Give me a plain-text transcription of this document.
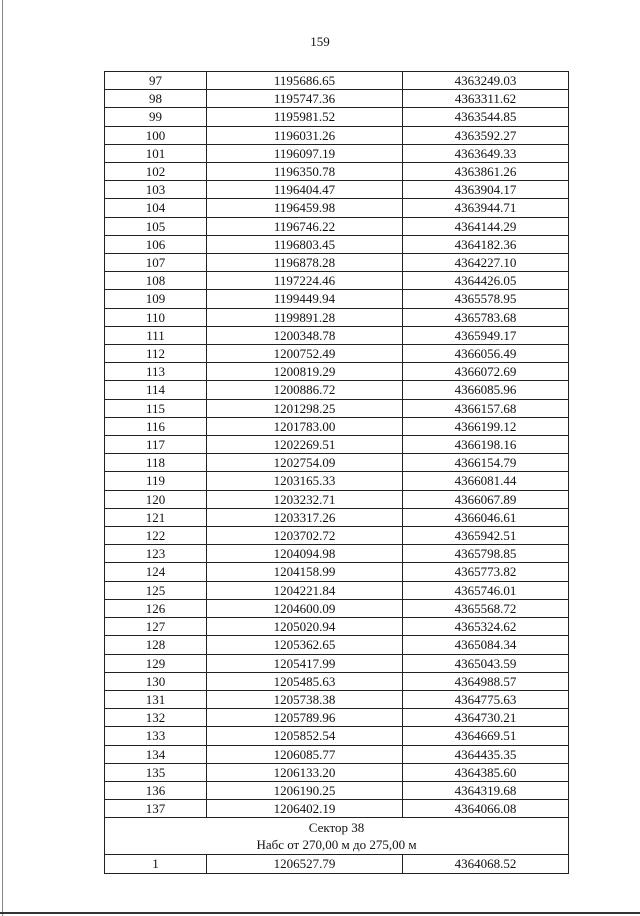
159
97	1195686.65	4363249.03
98	1195747.36	4363311.62
99	1195981.52	4363544.85
100	1196031.26	4363592.27
101	1196097.19	4363649.33
102	1196350.78	4363861.26
103	1196404.47	4363904.17
104	1196459.98	4363944.71
105	1196746.22	4364144.29
106	1196803.45	4364182.36
107	1196878.28	4364227.10
108	1197224.46	4364426.05
109	1199449.94	4365578.95
110	1199891.28	4365783.68
111	1200348.78	4365949.17
112	1200752.49	4366056.49
113	1200819.29	4366072.69
114	1200886.72	4366085.96
115	1201298.25	4366157.68
116	1201783.00	4366199.12
117	1202269.51	4366198.16
118	1202754.09	4366154.79
119	1203165.33	4366081.44
120	1203232.71	4366067.89
121	1203317.26	4366046.61
122	1203702.72	4365942.51
123	1204094.98	4365798.85
124	1204158.99	4365773.82
125	1204221.84	4365746.01
126	1204600.09	4365568.72
127	1205020.94	4365324.62
128	1205362.65	4365084.34
129	1205417.99	4365043.59
130	1205485.63	4364988.57
131	1205738.38	4364775.63
132	1205789.96	4364730.21
133	1205852.54	4364669.51
134	1206085.77	4364435.35
135	1206133.20	4364385.60
136	1206190.25	4364319.68
137	1206402.19	4364066.08

Сектор 38
Набс от 270,00 м до 275,00 м		

1	1206527.79	4364068.52
